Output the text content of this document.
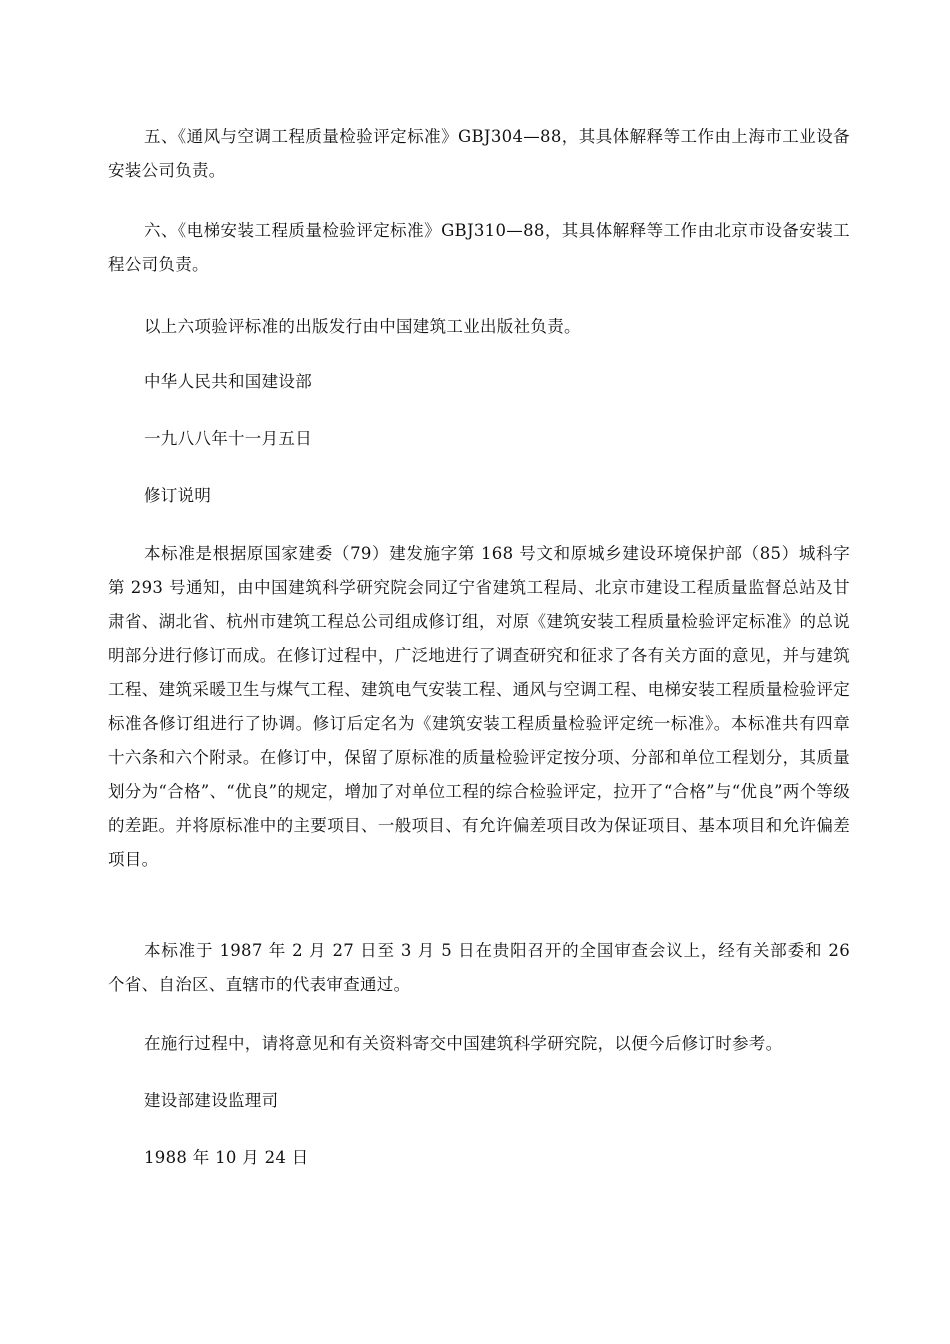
五、《通风与空调工程质量检验评定标准》GBJ304—88，其具体解释等工作由上海市工业设备安装公司负责。

六、《电梯安装工程质量检验评定标准》GBJ310—88，其具体解释等工作由北京市设备安装工程公司负责。

以上六项验评标准的出版发行由中国建筑工业出版社负责。

中华人民共和国建设部

一九八八年十一月五日

修订说明

本标准是根据原国家建委（79）建发施字第 168 号文和原城乡建设环境保护部（85）城科字第 293 号通知，由中国建筑科学研究院会同辽宁省建筑工程局、北京市建设工程质量监督总站及甘肃省、湖北省、杭州市建筑工程总公司组成修订组，对原《建筑安装工程质量检验评定标准》的总说明部分进行修订而成。在修订过程中，广泛地进行了调查研究和征求了各有关方面的意见，并与建筑工程、建筑采暖卫生与煤气工程、建筑电气安装工程、通风与空调工程、电梯安装工程质量检验评定标准各修订组进行了协调。修订后定名为《建筑安装工程质量检验评定统一标准》。本标准共有四章十六条和六个附录。在修订中，保留了原标准的质量检验评定按分项、分部和单位工程划分，其质量划分为“合格”、“优良”的规定，增加了对单位工程的综合检验评定，拉开了“合格”与“优良”两个等级的差距。并将原标准中的主要项目、一般项目、有允许偏差项目改为保证项目、基本项目和允许偏差项目。

本标准于 1987 年 2 月 27 日至 3 月 5 日在贵阳召开的全国审查会议上，经有关部委和 26 个省、自治区、直辖市的代表审查通过。

在施行过程中，请将意见和有关资料寄交中国建筑科学研究院，以便今后修订时参考。

建设部建设监理司

1988 年 10 月 24 日
